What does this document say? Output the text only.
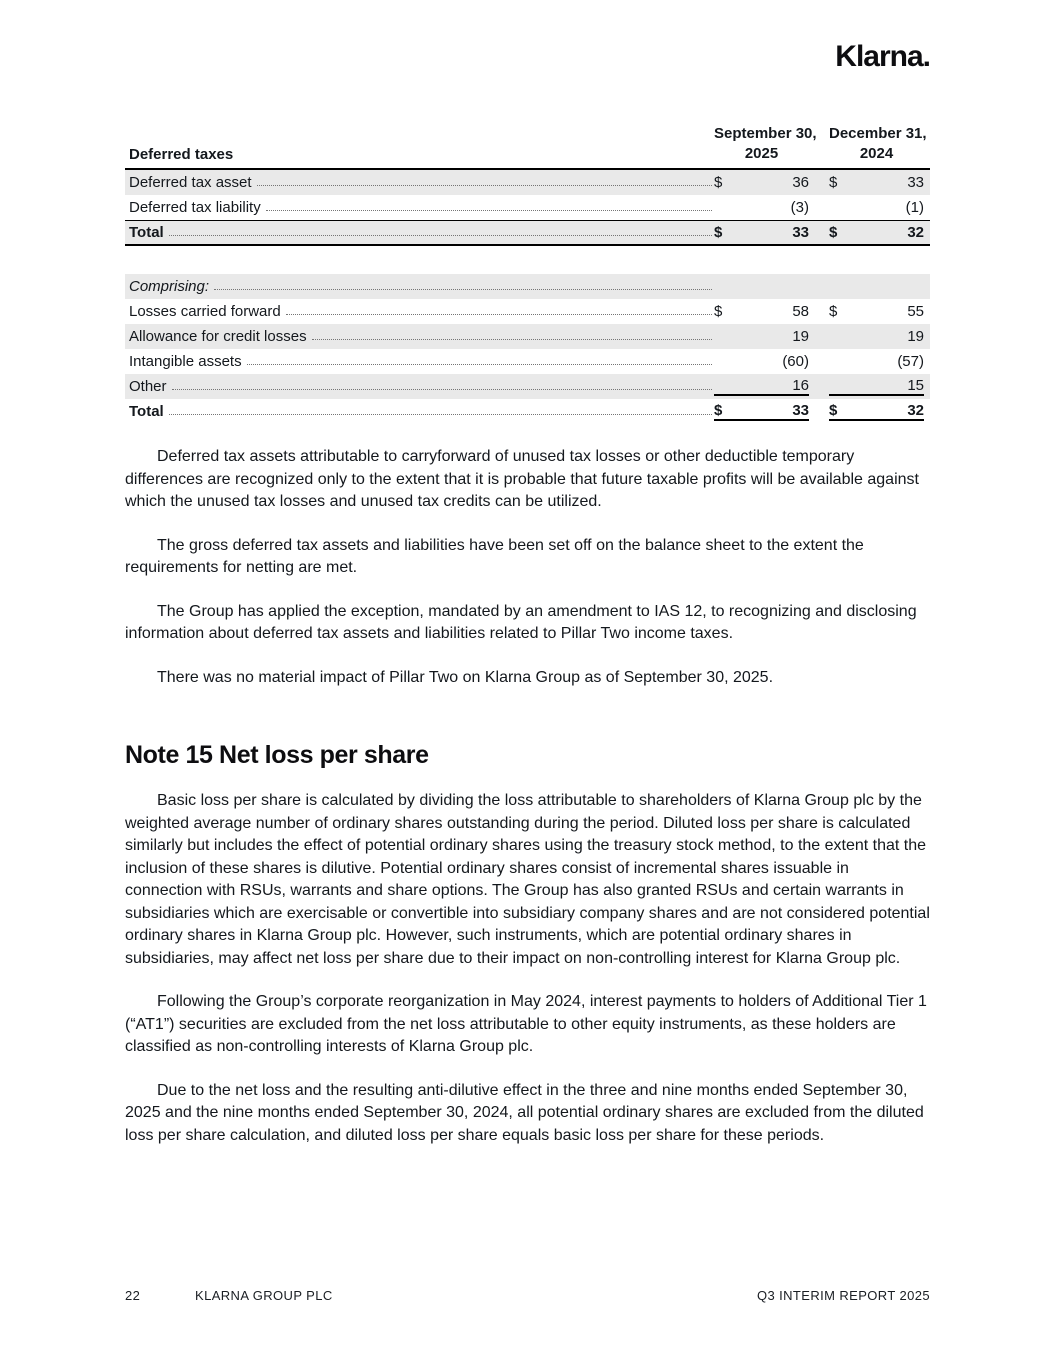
Klarna.
Deferred taxes
September 30,
2025
December 31,
2024
Deferred tax asset	$	36 $	33
Deferred tax liability	(3)	(1)
Total	$	33 $	32
Comprising:
Losses carried forward	$	58 $	55
Allowance for credit losses	19	19
Intangible assets	(60)	(57)
Other	16	15
Total	$	33 $	32

Deferred tax assets attributable to carryforward of unused tax losses or other deductible temporary differences are recognized only to the extent that it is probable that future taxable profits will be available against which the unused tax losses and unused tax credits can be utilized.

The gross deferred tax assets and liabilities have been set off on the balance sheet to the extent the requirements for netting are met.

The Group has applied the exception, mandated by an amendment to IAS 12, to recognizing and disclosing information about deferred tax assets and liabilities related to Pillar Two income taxes.

There was no material impact of Pillar Two on Klarna Group as of September 30, 2025.

Note 15 Net loss per share

Basic loss per share is calculated by dividing the loss attributable to shareholders of Klarna Group plc by the weighted average number of ordinary shares outstanding during the period. Diluted loss per share is calculated similarly but includes the effect of potential ordinary shares using the treasury stock method, to the extent that the inclusion of these shares is dilutive. Potential ordinary shares consist of incremental shares issuable in connection with RSUs, warrants and share options. The Group has also granted RSUs and certain warrants in subsidiaries which are exercisable or convertible into subsidiary company shares and are not considered potential ordinary shares in Klarna Group plc. However, such instruments, which are potential ordinary shares in subsidiaries, may affect net loss per share due to their impact on non-controlling interest for Klarna Group plc.

Following the Group’s corporate reorganization in May 2024, interest payments to holders of Additional Tier 1 (“AT1”) securities are excluded from the net loss attributable to other equity instruments, as these holders are classified as non-controlling interests of Klarna Group plc.

Due to the net loss and the resulting anti-dilutive effect in the three and nine months ended September 30, 2025 and the nine months ended September 30, 2024, all potential ordinary shares are excluded from the diluted loss per share calculation, and diluted loss per share equals basic loss per share for these periods.

22	KLARNA GROUP PLC	Q3 INTERIM REPORT 2025
